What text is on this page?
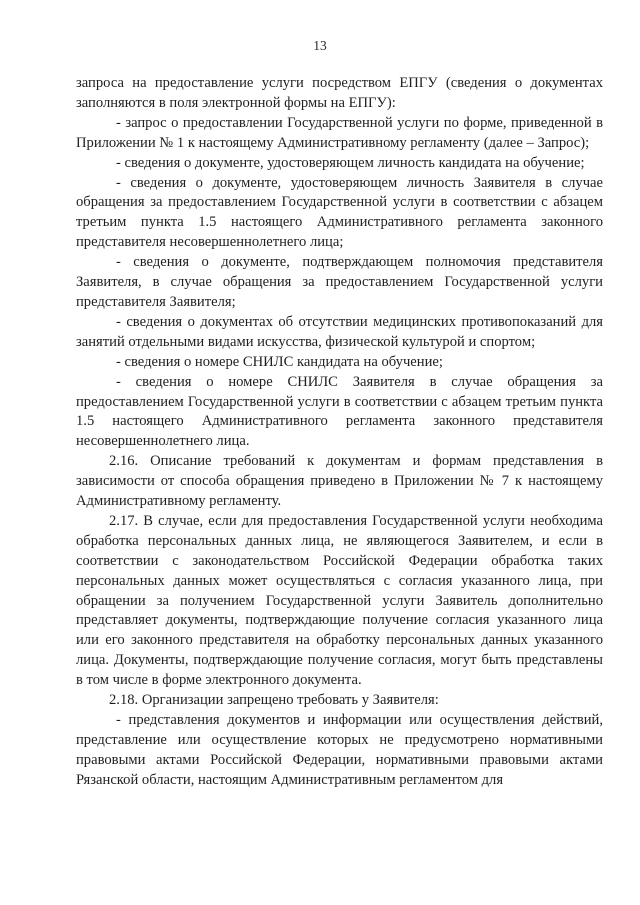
13

запроса на предоставление услуги посредством ЕПГУ (сведения о документах заполняются в поля электронной формы на ЕПГУ):

- запрос о предоставлении Государственной услуги по форме, приведенной в Приложении № 1 к настоящему Административному регламенту (далее – Запрос);

- сведения о документе, удостоверяющем личность кандидата на обучение;

- сведения о документе, удостоверяющем личность Заявителя в случае обращения за предоставлением Государственной услуги в соответствии с абзацем третьим пункта 1.5 настоящего Административного регламента законного представителя несовершеннолетнего лица;

- сведения о документе, подтверждающем полномочия представителя Заявителя, в случае обращения за предоставлением Государственной услуги представителя Заявителя;

- сведения о документах об отсутствии медицинских противопоказаний для занятий отдельными видами искусства, физической культурой и спортом;

- сведения о номере СНИЛС кандидата на обучение;

- сведения о номере СНИЛС Заявителя в случае обращения за предоставлением Государственной услуги в соответствии с абзацем третьим пункта 1.5 настоящего Административного регламента законного представителя несовершеннолетнего лица.

2.16. Описание требований к документам и формам представления в зависимости от способа обращения приведено в Приложении № 7 к настоящему Административному регламенту.

2.17. В случае, если для предоставления Государственной услуги необходима обработка персональных данных лица, не являющегося Заявителем, и если в соответствии с законодательством Российской Федерации обработка таких персональных данных может осуществляться с согласия указанного лица, при обращении за получением Государственной услуги Заявитель дополнительно представляет документы, подтверждающие получение согласия указанного лица или его законного представителя на обработку персональных данных указанного лица. Документы, подтверждающие получение согласия, могут быть представлены в том числе в форме электронного документа.

2.18. Организации запрещено требовать у Заявителя:

- представления документов и информации или осуществления действий, представление или осуществление которых не предусмотрено нормативными правовыми актами Российской Федерации, нормативными правовыми актами Рязанской области, настоящим Административным регламентом для
